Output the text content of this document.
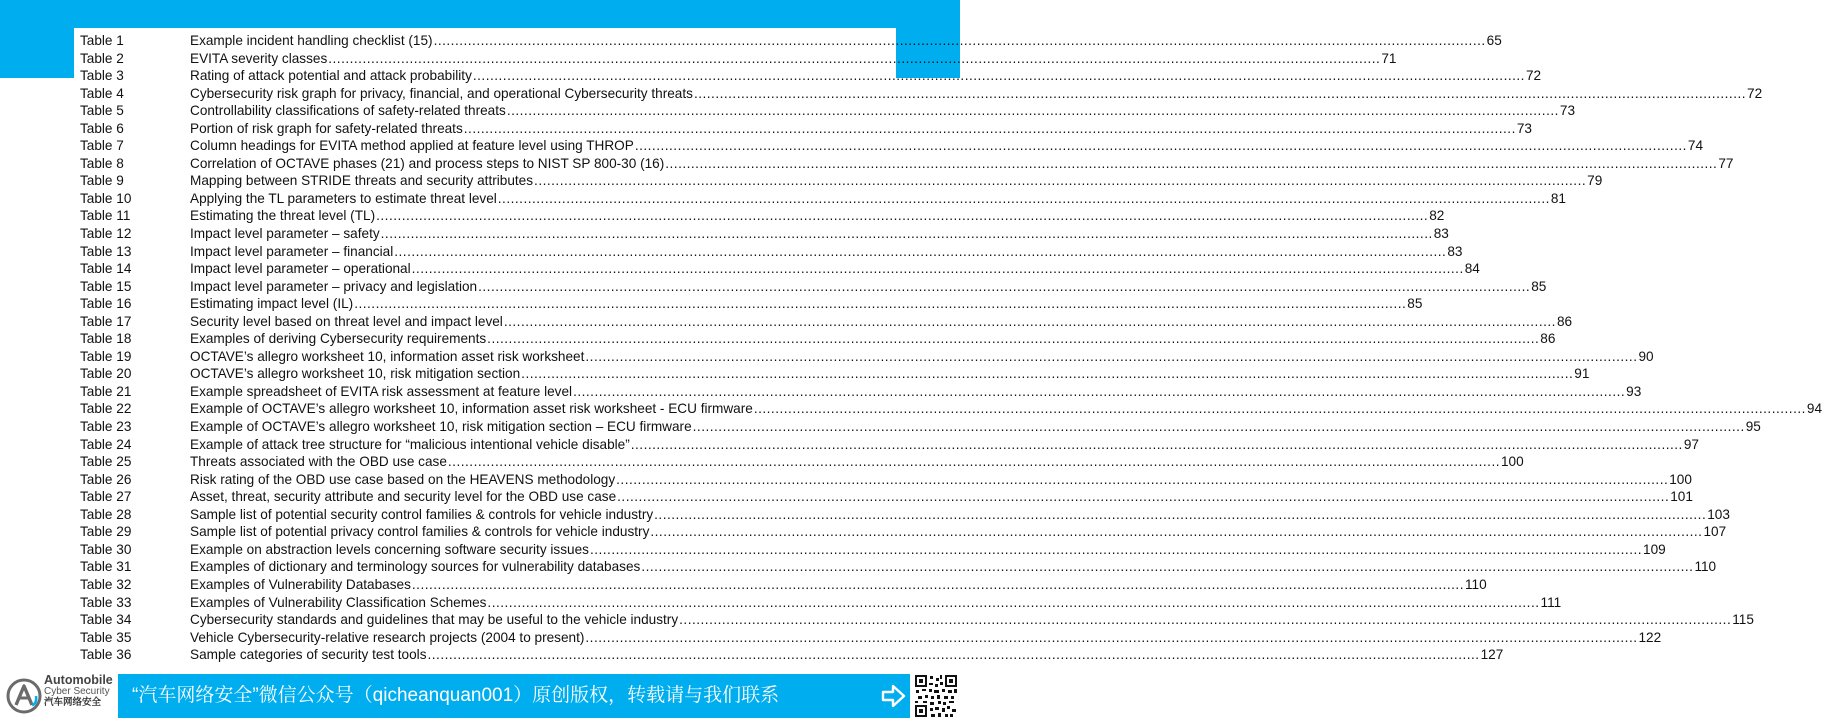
Table 1	Example incident handling checklist (15) .....	65
Table 2	EVITA severity classes .....	71
Table 3	Rating of attack potential and attack probability .....	72
Table 4	Cybersecurity risk graph for privacy, financial, and operational Cybersecurity threats .....	72
Table 5	Controllability classifications of safety-related threats .....	73
Table 6	Portion of risk graph for safety-related threats .....	73
Table 7	Column headings for EVITA method applied at feature level using THROP .....	74
Table 8	Correlation of OCTAVE phases (21) and process steps to NIST SP 800-30 (16) .....	77
Table 9	Mapping between STRIDE threats and security attributes .....	79
Table 10	Applying the TL parameters to estimate threat level .....	81
Table 11	Estimating the threat level (TL) .....	82
Table 12	Impact level parameter – safety .....	83
Table 13	Impact level parameter – financial .....	83
Table 14	Impact level parameter – operational .....	84
Table 15	Impact level parameter – privacy and legislation .....	85
Table 16	Estimating impact level (IL) .....	85
Table 17	Security level based on threat level and impact level .....	86
Table 18	Examples of deriving Cybersecurity requirements .....	86
Table 19	OCTAVE’s allegro worksheet 10, information asset risk worksheet .....	90
Table 20	OCTAVE’s allegro worksheet 10, risk mitigation section .....	91
Table 21	Example spreadsheet of EVITA risk assessment at feature level .....	93
Table 22	Example of OCTAVE’s allegro worksheet 10, information asset risk worksheet - ECU firmware .....	94
Table 23	Example of OCTAVE’s allegro worksheet 10, risk mitigation section – ECU firmware .....	95
Table 24	Example of attack tree structure for “malicious intentional vehicle disable” .....	97
Table 25	Threats associated with the OBD use case .....	100
Table 26	Risk rating of the OBD use case based on the HEAVENS methodology .....	100
Table 27	Asset, threat, security attribute and security level for the OBD use case .....	101
Table 28	Sample list of potential security control families & controls for vehicle industry .....	103
Table 29	Sample list of potential privacy control families & controls for vehicle industry .....	107
Table 30	Example on abstraction levels concerning software security issues .....	109
Table 31	Examples of dictionary and terminology sources for vulnerability databases .....	110
Table 32	Examples of Vulnerability Databases .....	110
Table 33	Examples of Vulnerability Classification Schemes .....	111
Table 34	Cybersecurity standards and guidelines that may be useful to the vehicle industry .....	115
Table 35	Vehicle Cybersecurity-relative research projects (2004 to present) .....	122
Table 36	Sample categories of security test tools .....	127
Automobile
Cyber Security
汽车网络安全	“汽车网络安全”微信公众号（qicheanquan001）原创版权，转载请与我们联系
